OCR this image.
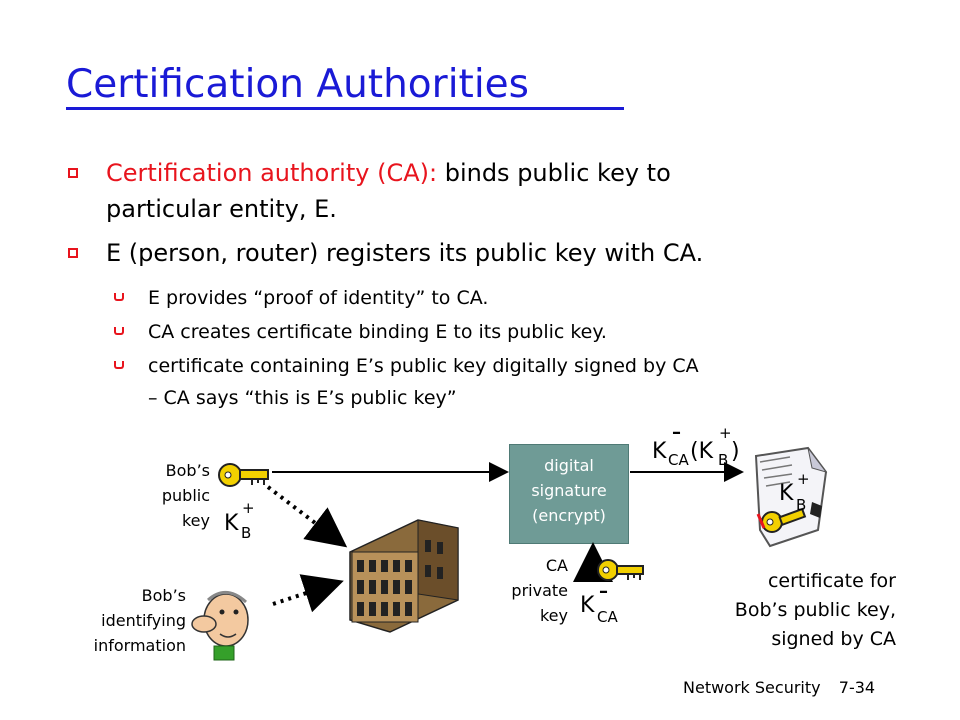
Certification Authorities
Certification authority (CA): binds public key to
particular entity, E.
E (person, router) registers its public key with CA.
E provides “proof of identity” to CA.
CA creates certificate binding E to its public key.
certificate containing E’s public key digitally signed by CA
– CA says “this is E’s public key”
Bob’s
public
key
Bob’s
identifying
information
CA
private
key
digital
signature
(encrypt)
certificate for
Bob’s public key,
signed by CA
K B
+
K CA
–
K CA
–
(K B
+
)
K B
+
Network Security 7-34
